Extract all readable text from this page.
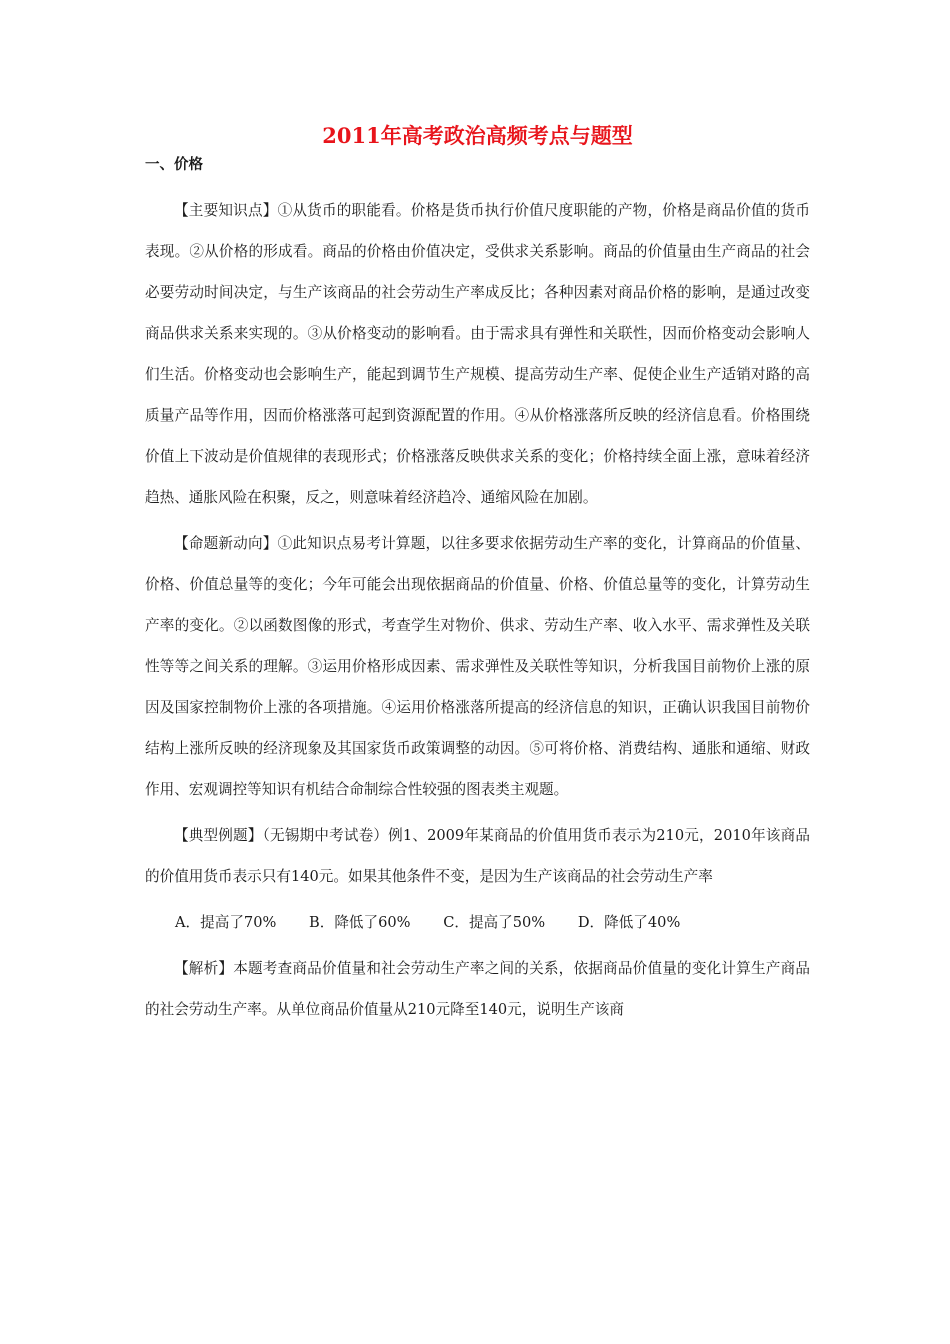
2011年高考政治高频考点与题型
一、价格

【主要知识点】①从货币的职能看。价格是货币执行价值尺度职能的产物，价格是商品价值的货币表现。②从价格的形成看。商品的价格由价值决定，受供求关系影响。商品的价值量由生产商品的社会必要劳动时间决定，与生产该商品的社会劳动生产率成反比；各种因素对商品价格的影响，是通过改变商品供求关系来实现的。③从价格变动的影响看。由于需求具有弹性和关联性，因而价格变动会影响人们生活。价格变动也会影响生产，能起到调节生产规模、提高劳动生产率、促使企业生产适销对路的高质量产品等作用，因而价格涨落可起到资源配置的作用。④从价格涨落所反映的经济信息看。价格围绕价值上下波动是价值规律的表现形式；价格涨落反映供求关系的变化；价格持续全面上涨，意味着经济趋热、通胀风险在积聚，反之，则意味着经济趋冷、通缩风险在加剧。

【命题新动向】①此知识点易考计算题，以往多要求依据劳动生产率的变化，计算商品的价值量、价格、价值总量等的变化；今年可能会出现依据商品的价值量、价格、价值总量等的变化，计算劳动生产率的变化。②以函数图像的形式，考查学生对物价、供求、劳动生产率、收入水平、需求弹性及关联性等等之间关系的理解。③运用价格形成因素、需求弹性及关联性等知识，分析我国目前物价上涨的原因及国家控制物价上涨的各项措施。④运用价格涨落所提高的经济信息的知识，正确认识我国目前物价结构上涨所反映的经济现象及其国家货币政策调整的动因。⑤可将价格、消费结构、通胀和通缩、财政作用、宏观调控等知识有机结合命制综合性较强的图表类主观题。

【典型例题】（无锡期中考试卷）例1、2009年某商品的价值用货币表示为210元，2010年该商品的价值用货币表示只有140元。如果其他条件不变，是因为生产该商品的社会劳动生产率

A．提高了70% B．降低了60% C．提高了50% D．降低了40%

【解析】本题考查商品价值量和社会劳动生产率之间的关系，依据商品价值量的变化计算生产商品的社会劳动生产率。从单位商品价值量从210元降至140元，说明生产该商
